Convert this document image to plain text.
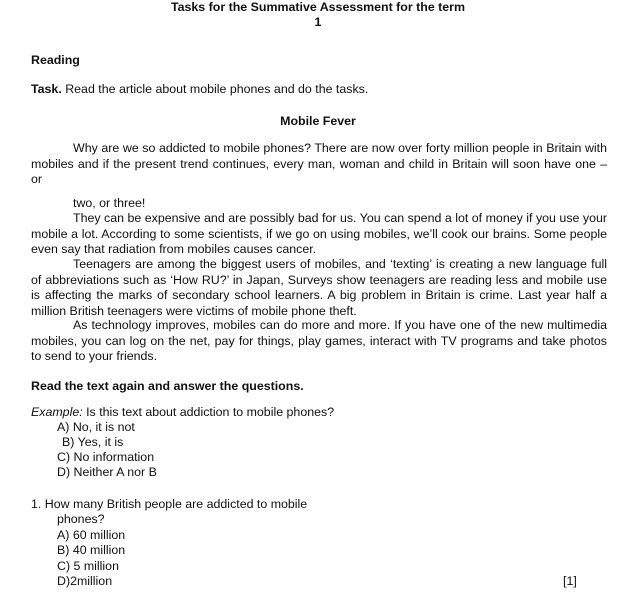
Tasks for the Summative Assessment for the term
1
Reading
Task. Read the article about mobile phones and do the tasks.
Mobile Fever

Why are we so addicted to mobile phones? There are now over forty million people in Britain with mobiles and if the present trend continues, every man, woman and child in Britain will soon have one – or

two, or three!

They can be expensive and are possibly bad for us. You can spend a lot of money if you use your mobile a lot. According to some scientists, if we go on using mobiles, we’ll cook our brains. Some people even say that radiation from mobiles causes cancer.

Teenagers are among the biggest users of mobiles, and ‘texting’ is creating a new language full of abbreviations such as ‘How RU?’ in Japan, Surveys show teenagers are reading less and mobile use is affecting the marks of secondary school learners. A big problem in Britain is crime. Last year half a million British teenagers were victims of mobile phone theft.

As technology improves, mobiles can do more and more. If you have one of the new multimedia mobiles, you can log on the net, pay for things, play games, interact with TV programs and take photos to send to your friends.

Read the text again and answer the questions.
Example: Is this text about addiction to mobile phones?
A) No, it is not
B) Yes, it is
C) No information
D) Neither A nor B
1. How many British people are addicted to mobile
phones?
A) 60 million
B) 40 million
C) 5 million
D)2million	[1]
